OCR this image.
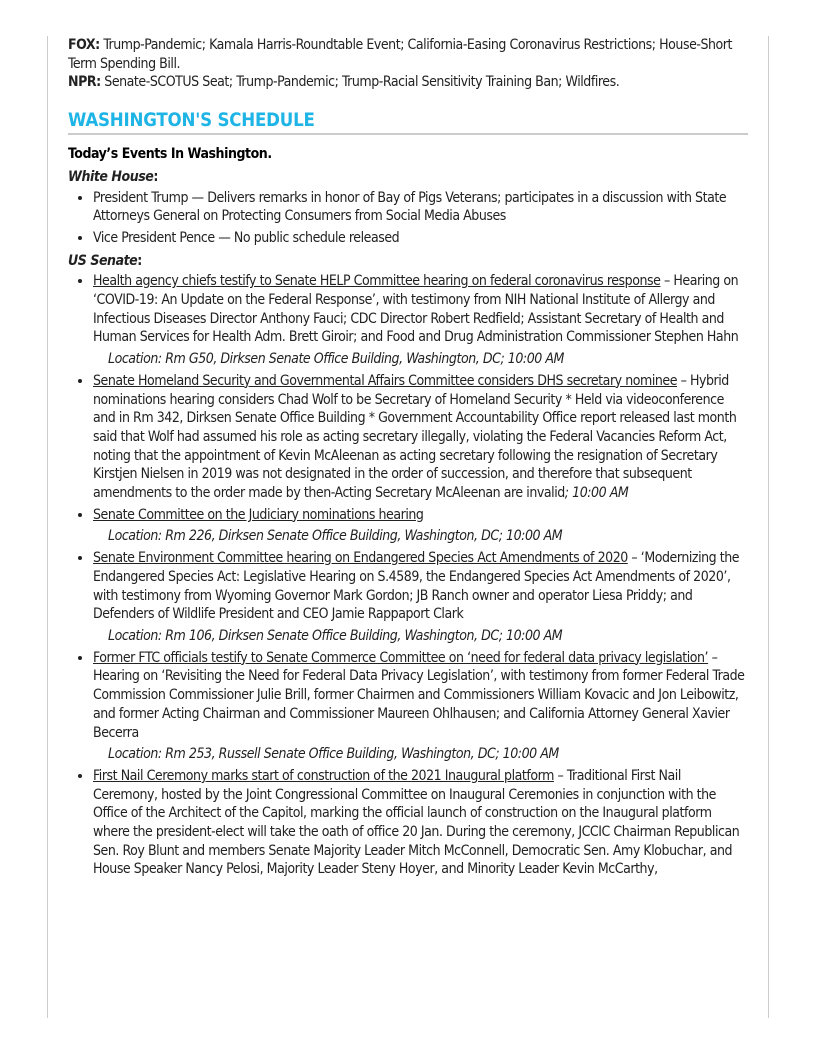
FOX: Trump-Pandemic; Kamala Harris-Roundtable Event; California-Easing Coronavirus Restrictions; House-Short Term Spending Bill.

NPR: Senate-SCOTUS Seat; Trump-Pandemic; Trump-Racial Sensitivity Training Ban; Wildfires.

WASHINGTON'S SCHEDULE

Today’s Events In Washington.

White House:

• President Trump — Delivers remarks in honor of Bay of Pigs Veterans; participates in a discussion with State Attorneys General on Protecting Consumers from Social Media Abuses
• Vice President Pence — No public schedule released

US Senate:

• Health agency chiefs testify to Senate HELP Committee hearing on federal coronavirus response – Hearing on ‘COVID-19: An Update on the Federal Response’, with testimony from NIH National Institute of Allergy and Infectious Diseases Director Anthony Fauci; CDC Director Robert Redfield; Assistant Secretary of Health and Human Services for Health Adm. Brett Giroir; and Food and Drug Administration Commissioner Stephen Hahn
Location: Rm G50, Dirksen Senate Office Building, Washington, DC; 10:00 AM
• Senate Homeland Security and Governmental Affairs Committee considers DHS secretary nominee – Hybrid nominations hearing considers Chad Wolf to be Secretary of Homeland Security * Held via videoconference and in Rm 342, Dirksen Senate Office Building * Government Accountability Office report released last month said that Wolf had assumed his role as acting secretary illegally, violating the Federal Vacancies Reform Act, noting that the appointment of Kevin McAleenan as acting secretary following the resignation of Secretary Kirstjen Nielsen in 2019 was not designated in the order of succession, and therefore that subsequent amendments to the order made by then-Acting Secretary McAleenan are invalid; 10:00 AM
• Senate Committee on the Judiciary nominations hearing
Location: Rm 226, Dirksen Senate Office Building, Washington, DC; 10:00 AM
• Senate Environment Committee hearing on Endangered Species Act Amendments of 2020 – ‘Modernizing the Endangered Species Act: Legislative Hearing on S.4589, the Endangered Species Act Amendments of 2020’, with testimony from Wyoming Governor Mark Gordon; JB Ranch owner and operator Liesa Priddy; and Defenders of Wildlife President and CEO Jamie Rappaport Clark
Location: Rm 106, Dirksen Senate Office Building, Washington, DC; 10:00 AM
• Former FTC officials testify to Senate Commerce Committee on ‘need for federal data privacy legislation’ – Hearing on ‘Revisiting the Need for Federal Data Privacy Legislation’, with testimony from former Federal Trade Commission Commissioner Julie Brill, former Chairmen and Commissioners William Kovacic and Jon Leibowitz, and former Acting Chairman and Commissioner Maureen Ohlhausen; and California Attorney General Xavier Becerra
Location: Rm 253, Russell Senate Office Building, Washington, DC; 10:00 AM
• First Nail Ceremony marks start of construction of the 2021 Inaugural platform – Traditional First Nail Ceremony, hosted by the Joint Congressional Committee on Inaugural Ceremonies in conjunction with the Office of the Architect of the Capitol, marking the official launch of construction on the Inaugural platform where the president-elect will take the oath of office 20 Jan. During the ceremony, JCCIC Chairman Republican Sen. Roy Blunt and members Senate Majority Leader Mitch McConnell, Democratic Sen. Amy Klobuchar, and House Speaker Nancy Pelosi, Majority Leader Steny Hoyer, and Minority Leader Kevin McCarthy,
